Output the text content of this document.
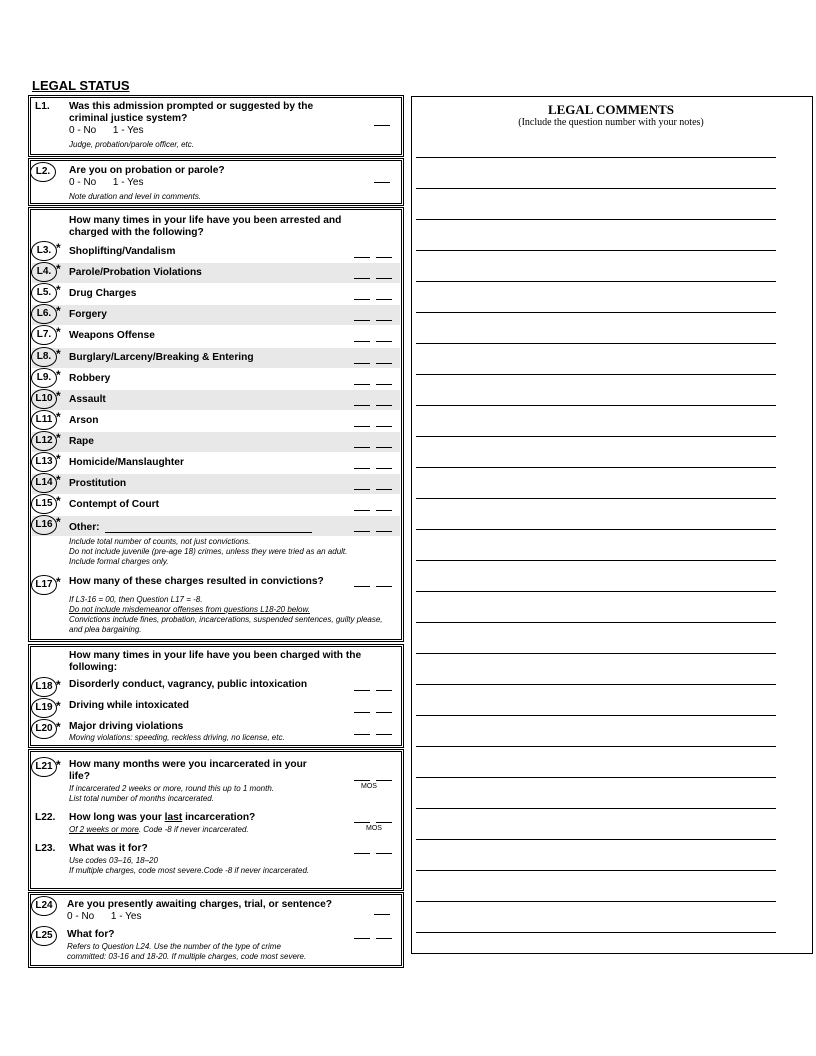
LEGAL STATUS
L1. Was this admission prompted or suggested by the criminal justice system?
0 - No      1 - Yes
Judge, probation/parole officer, etc.
L2.	Are you on probation or parole?
0 - No      1 - Yes
Note duration and level in comments.
How many times in your life have you been arrested and charged with the following?
L3. * Shoplifting/Vandalism
L4. * Parole/Probation Violations
L5. * Drug Charges
L6. * Forgery
L7. * Weapons Offense
L8. * Burglary/Larceny/Breaking & Entering
L9. * Robbery
L10 * Assault
L11 * Arson
L12 * Rape
L13 * Homicide/Manslaughter
L14 * Prostitution
L15 * Contempt of Court
L16 * Other:
Include total number of counts, not just convictions.
Do not include juvenile (pre-age 18) crimes, unless they were tried as an adult.
Include formal charges only.
L17 * How many of these charges resulted in convictions?
If L3-16 = 00, then Question L17 = -8.
Do not include misdemeanor offenses from questions L18-20 below.
Convictions include fines, probation, incarcerations, suspended sentences, guilty please, and plea bargaining.
How many times in your life have you been charged with the following:
L18 * Disorderly conduct, vagrancy, public intoxication
L19 * Driving while intoxicated
L20 * Major driving violations
Moving violations: speeding, reckless driving, no license, etc.
L21 * How many months were you incarcerated in your life?
MOS
If incarcerated 2 weeks or more, round this up to 1 month.
List total number of months incarcerated.
L22. How long was your last incarceration?
MOS
Of 2 weeks or more. Code -8 if never incarcerated.
L23. What was it for?
Use codes 03–16, 18–20
If multiple charges, code most severe.Code -8 if never incarcerated.
L24	Are you presently awaiting charges, trial, or sentence?
0 - No      1 - Yes
L25	What for?
Refers to Question L24. Use the number of the type of crime
committed: 03-16 and 18-20. If multiple charges, code most severe.
LEGAL COMMENTS
(Include the question number with your notes)
